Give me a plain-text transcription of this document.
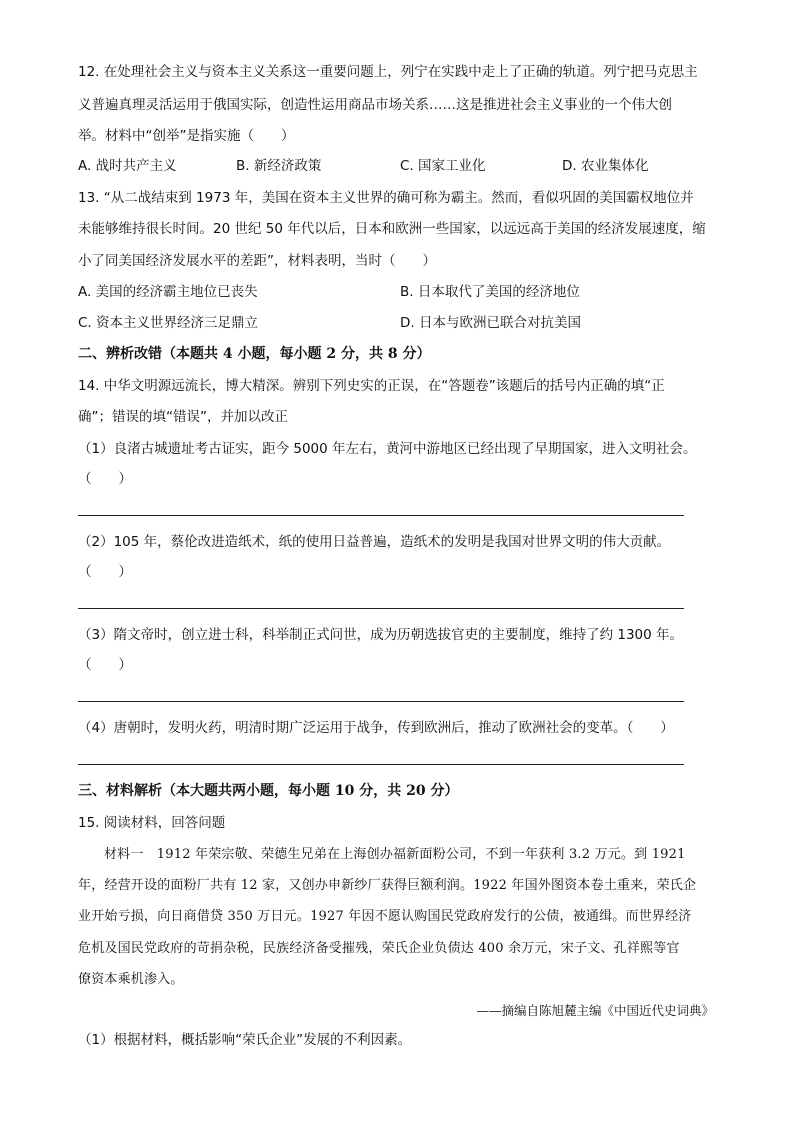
12. 在处理社会主义与资本主义关系这一重要问题上，列宁在实践中走上了正确的轨道。列宁把马克思主
义普遍真理灵活运用于俄国实际，创造性运用商品市场关系……这是推进社会主义事业的一个伟大创
举。材料中“创举”是指实施（　　）
A. 战时共产主义	B. 新经济政策	C. 国家工业化	D. 农业集体化
13. “从二战结束到 1973 年，美国在资本主义世界的确可称为霸主。然而，看似巩固的美国霸权地位并
未能够维持很长时间。20 世纪 50 年代以后，日本和欧洲一些国家，以远远高于美国的经济发展速度，缩
小了同美国经济发展水平的差距”，材料表明，当时（　　）
A. 美国的经济霸主地位已丧失	B. 日本取代了美国的经济地位
C. 资本主义世界经济三足鼎立	D. 日本与欧洲已联合对抗美国
二、辨析改错（本题共 4 小题，每小题 2 分，共 8 分）
14. 中华文明源远流长，博大精深。辨别下列史实的正误，在“答题卷”该题后的括号内正确的填“正
确”；错误的填“错误”，并加以改正
（1）良渚古城遗址考古证实，距今 5000 年左右，黄河中游地区已经出现了早期国家，进入文明社会。
（　　）
（2）105 年，蔡伦改进造纸术，纸的使用日益普遍，造纸术的发明是我国对世界文明的伟大贡献。
（　　）
（3）隋文帝时，创立进士科，科举制正式问世，成为历朝选拔官吏的主要制度，维持了约 1300 年。
（　　）
（4）唐朝时，发明火药，明清时期广泛运用于战争，传到欧洲后，推动了欧洲社会的变革。（　　）
三、材料解析（本大题共两小题，每小题 10 分，共 20 分）
15. 阅读材料，回答问题
材料一　1912 年荣宗敬、荣德生兄弟在上海创办福新面粉公司，不到一年获利 3.2 万元。到 1921
年，经营开设的面粉厂共有 12 家，又创办申新纱厂获得巨额利润。1922 年国外图资本卷土重来，荣氏企
业开始亏损，向日商借贷 350 万日元。1927 年因不愿认购国民党政府发行的公债，被通缉。而世界经济
危机及国民党政府的苛捐杂税，民族经济备受摧残，荣氏企业负债达 400 余万元，宋子文、孔祥熙等官
僚资本乘机渗入。
——摘编自陈旭麓主编《中国近代史词典》
（1）根据材料，概括影响“荣氏企业”发展的不利因素。
